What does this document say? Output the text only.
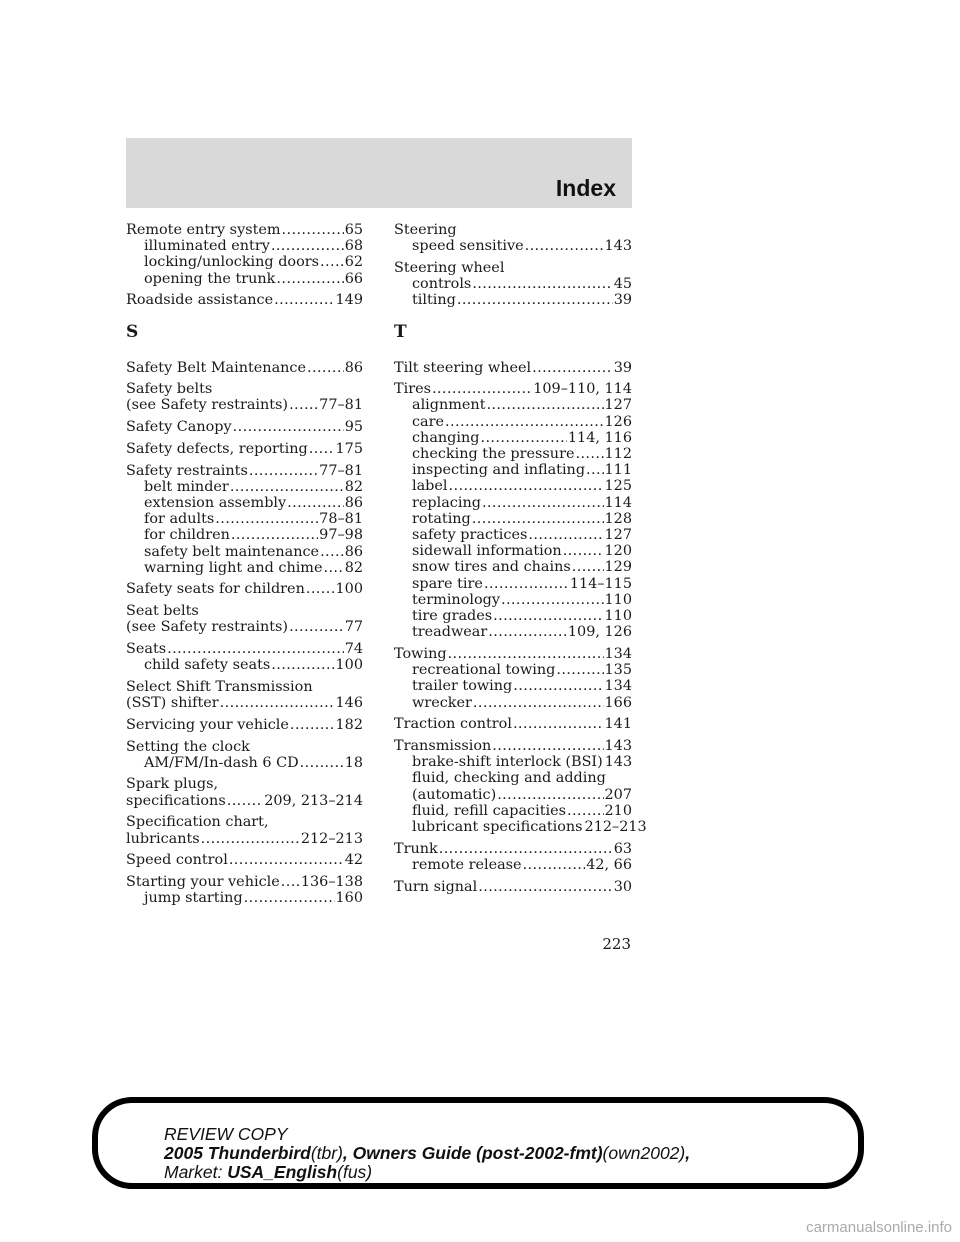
Index
Remote entry system .....	65
illuminated entry .....	68
locking/unlocking doors ..... 62
opening the trunk .....	66
Roadside assistance .....	149
S
Safety Belt Maintenance .....	86
Safety belts
(see Safety restraints) ..... 77–81
Safety Canopy .....	95
Safety defects, reporting ..... 175
Safety restraints .....	77–81
belt minder .....	82
extension assembly .....	86
for adults .....	78–81
for children .....	97–98
safety belt maintenance ..... 86
warning light and chime ..... 82
Safety seats for children ..... 100
Seat belts
(see Safety restraints) .....	77
Seats .....	74
child safety seats .....	100
Select Shift Transmission
(SST) shifter .....	146
Servicing your vehicle .....	182
Setting the clock
AM/FM/In-dash 6 CD .....	18
Spark plugs,
specifications .....	209, 213–214
Specification chart,
lubricants .....	212–213
Speed control .....	42
Starting your vehicle ..... 136–138
jump starting .....	160
Steering
speed sensitive .....	143
Steering wheel
controls .....	45
tilting .....	39
T
Tilt steering wheel .....	39
Tires .....	109–110, 114
alignment .....	127
care .....	126
changing .....	114, 116
checking the pressure ..... 112
inspecting and inflating ..... 111
label .....	125
replacing .....	114
rotating .....	128
safety practices .....	127
sidewall information .....	120
snow tires and chains ..... 129
spare tire .....	114–115
terminology .....	110
tire grades .....	110
treadwear .....	109, 126
Towing .....	134
recreational towing .....	135
trailer towing .....	134
wrecker .....	166
Traction control .....	141
Transmission .....	143
brake-shift interlock (BSI) 143
fluid, checking and adding
(automatic) .....	207
fluid, refill capacities .....	210
lubricant specifications 212–213
Trunk .....	63
remote release .....	42, 66
Turn signal .....	30
223
REVIEW COPY
2005 Thunderbird(tbr), Owners Guide (post-2002-fmt)(own2002),
Market: USA_English(fus)
carmanualsonline.info
